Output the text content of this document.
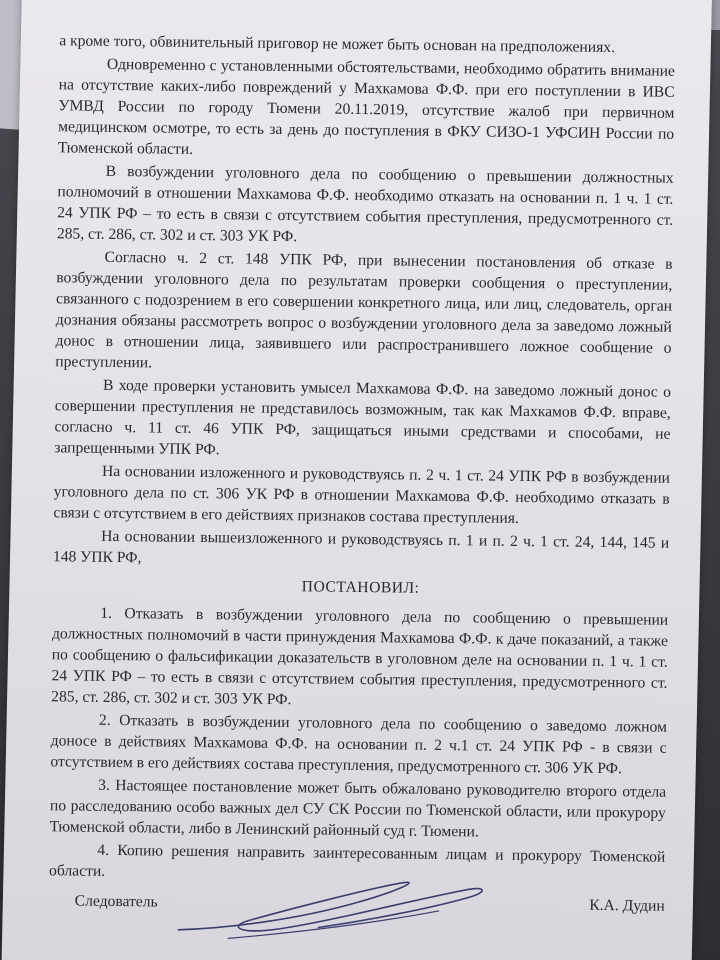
а кроме того, обвинительный приговор не может быть основан на предположениях.

Одновременно с установленными обстоятельствами, необходимо обратить внимание на отсутствие каких-либо повреждений у Махкамова Ф.Ф. при его поступлении в ИВС УМВД России по городу Тюмени 20.11.2019, отсутствие жалоб при первичном медицинском осмотре, то есть за день до поступления в ФКУ СИЗО-1 УФСИН России по Тюменской области.

В возбуждении уголовного дела по сообщению о превышении должностных полномочий в отношении Махкамова Ф.Ф. необходимо отказать на основании п. 1 ч. 1 ст. 24 УПК РФ – то есть в связи с отсутствием события преступления, предусмотренного ст. 285, ст. 286, ст. 302 и ст. 303 УК РФ.

Согласно ч. 2 ст. 148 УПК РФ, при вынесении постановления об отказе в возбуждении уголовного дела по результатам проверки сообщения о преступлении, связанного с подозрением в его совершении конкретного лица, или лиц, следователь, орган дознания обязаны рассмотреть вопрос о возбуждении уголовного дела за заведомо ложный донос в отношении лица, заявившего или распространившего ложное сообщение о преступлении.

В ходе проверки установить умысел Махкамова Ф.Ф. на заведомо ложный донос о совершении преступления не представилось возможным, так как Махкамов Ф.Ф. вправе, согласно ч. 11 ст. 46 УПК РФ, защищаться иными средствами и способами, не запрещенными УПК РФ.

На основании изложенного и руководствуясь п. 2 ч. 1 ст. 24 УПК РФ в возбуждении уголовного дела по ст. 306 УК РФ в отношении Махкамова Ф.Ф. необходимо отказать в связи с отсутствием в его действиях признаков состава преступления.

На основании вышеизложенного и руководствуясь п. 1 и п. 2 ч. 1 ст. 24, 144, 145 и 148 УПК РФ,

ПОСТАНОВИЛ:

1. Отказать в возбуждении уголовного дела по сообщению о превышении должностных полномочий в части принуждения Махкамова Ф.Ф. к даче показаний, а также по сообщению о фальсификации доказательств в уголовном деле на основании п. 1 ч. 1 ст. 24 УПК РФ – то есть в связи с отсутствием события преступления, предусмотренного ст. 285, ст. 286, ст. 302 и ст. 303 УК РФ.

2. Отказать в возбуждении уголовного дела по сообщению о заведомо ложном доносе в действиях Махкамова Ф.Ф. на основании п. 2 ч.1 ст. 24 УПК РФ - в связи с отсутствием в его действиях состава преступления, предусмотренного ст. 306 УК РФ.

3. Настоящее постановление может быть обжаловано руководителю второго отдела по расследованию особо важных дел СУ СК России по Тюменской области, или прокурору Тюменской области, либо в Ленинский районный суд г. Тюмени.

4. Копию решения направить заинтересованным лицам и прокурору Тюменской области.

Следователь	К.А. Дудин
